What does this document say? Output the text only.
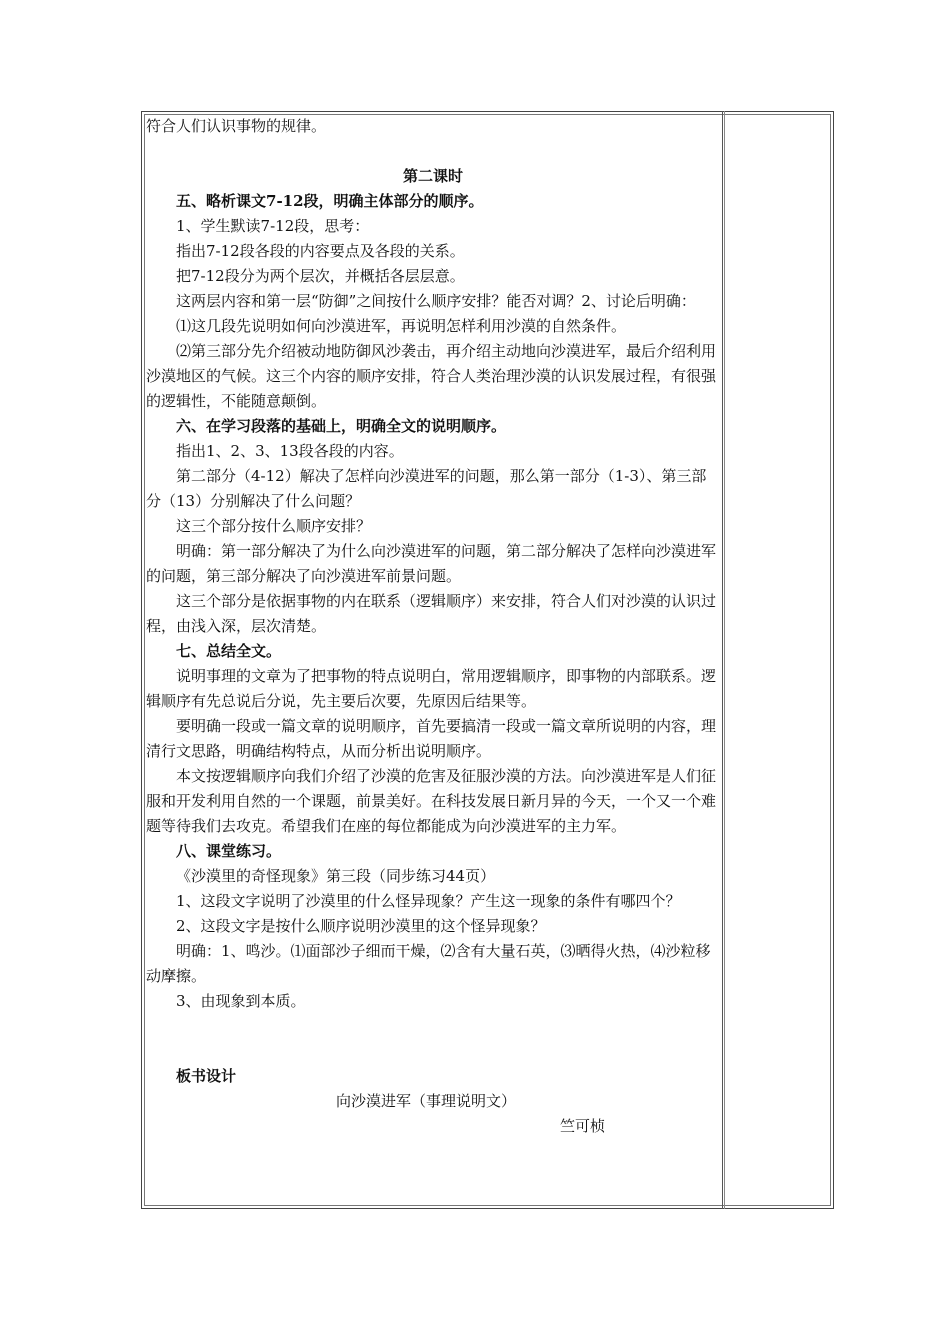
符合人们认识事物的规律。

第二课时

五、略析课文7-12段，明确主体部分的顺序。

1、学生默读7-12段，思考：

指出7-12段各段的内容要点及各段的关系。

把7-12段分为两个层次，并概括各层层意。

这两层内容和第一层“防御”之间按什么顺序安排？能否对调？2、讨论后明确：

⑴这几段先说明如何向沙漠进军，再说明怎样利用沙漠的自然条件。

⑵第三部分先介绍被动地防御风沙袭击，再介绍主动地向沙漠进军，最后介绍利用沙漠地区的气候。这三个内容的顺序安排，符合人类治理沙漠的认识发展过程，有很强的逻辑性，不能随意颠倒。

六、在学习段落的基础上，明确全文的说明顺序。

指出1、2、3、13段各段的内容。

第二部分（4-12）解决了怎样向沙漠进军的问题，那么第一部分（1-3）、第三部分（13）分别解决了什么问题？

这三个部分按什么顺序安排？

明确：第一部分解决了为什么向沙漠进军的问题，第二部分解决了怎样向沙漠进军的问题，第三部分解决了向沙漠进军前景问题。

这三个部分是依据事物的内在联系（逻辑顺序）来安排，符合人们对沙漠的认识过程，由浅入深，层次清楚。

七、总结全文。

说明事理的文章为了把事物的特点说明白，常用逻辑顺序，即事物的内部联系。逻辑顺序有先总说后分说，先主要后次要，先原因后结果等。

要明确一段或一篇文章的说明顺序，首先要搞清一段或一篇文章所说明的内容，理清行文思路，明确结构特点，从而分析出说明顺序。

本文按逻辑顺序向我们介绍了沙漠的危害及征服沙漠的方法。向沙漠进军是人们征服和开发利用自然的一个课题，前景美好。在科技发展日新月异的今天，一个又一个难题等待我们去攻克。希望我们在座的每位都能成为向沙漠进军的主力军。

八、课堂练习。

《沙漠里的奇怪现象》第三段（同步练习44页）

1、这段文字说明了沙漠里的什么怪异现象？产生这一现象的条件有哪四个？

2、这段文字是按什么顺序说明沙漠里的这个怪异现象？

明确：1、鸣沙。⑴面部沙子细而干燥，⑵含有大量石英，⑶晒得火热，⑷沙粒移动摩擦。

3、由现象到本质。

板书设计

向沙漠进军（事理说明文）

竺可桢
